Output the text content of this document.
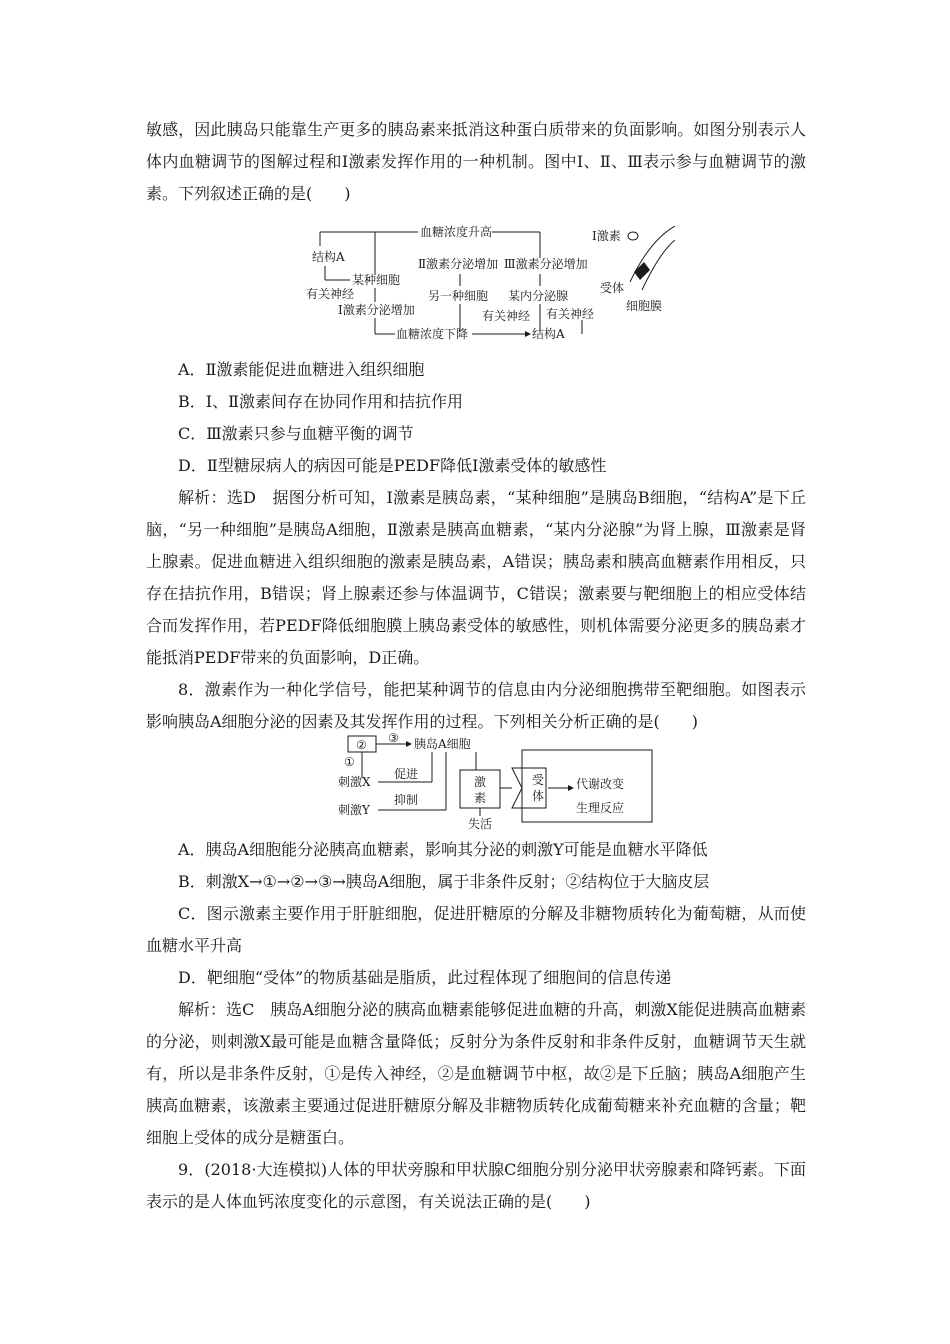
敏感，因此胰岛只能靠生产更多的胰岛素来抵消这种蛋白质带来的负面影响。如图分别表示人体内血糖调节的图解过程和Ⅰ激素发挥作用的一种机制。图中Ⅰ、Ⅱ、Ⅲ表示参与血糖调节的激素。下列叙述正确的是(　　)

血糖浓度升高
结构A
某种细胞
有关神经
Ⅰ激素分泌增加
Ⅱ激素分泌增加 Ⅲ激素分泌增加
另一种细胞 某内分泌腺
有关神经 有关神经
血糖浓度下降	结构A
Ⅰ激素
受体
细胞膜

A．Ⅱ激素能促进血糖进入组织细胞

B．Ⅰ、Ⅱ激素间存在协同作用和拮抗作用

C．Ⅲ激素只参与血糖平衡的调节

D．Ⅱ型糖尿病人的病因可能是PEDF降低Ⅰ激素受体的敏感性

解析：选D　据图分析可知，Ⅰ激素是胰岛素，“某种细胞”是胰岛B细胞，“结构A”是下丘脑，“另一种细胞”是胰岛A细胞，Ⅱ激素是胰高血糖素，“某内分泌腺”为肾上腺，Ⅲ激素是肾上腺素。促进血糖进入组织细胞的激素是胰岛素，A错误；胰岛素和胰高血糖素作用相反，只存在拮抗作用，B错误；肾上腺素还参与体温调节，C错误；激素要与靶细胞上的相应受体结合而发挥作用，若PEDF降低细胞膜上胰岛素受体的敏感性，则机体需要分泌更多的胰岛素才能抵消PEDF带来的负面影响，D正确。

8．激素作为一种化学信号，能把某种调节的信息由内分泌细胞携带至靶细胞。如图表示影响胰岛A细胞分泌的因素及其发挥作用的过程。下列相关分析正确的是(　　)

② ③ 胰岛A细胞
①
刺激X
促进
刺激Y
抑制
激
素
失活
受
体
代谢改变
生理反应

A．胰岛A细胞能分泌胰高血糖素，影响其分泌的刺激Y可能是血糖水平降低

B．刺激X→①→②→③→胰岛A细胞，属于非条件反射；②结构位于大脑皮层

C．图示激素主要作用于肝脏细胞，促进肝糖原的分解及非糖物质转化为葡萄糖，从而使血糖水平升高

D．靶细胞“受体”的物质基础是脂质，此过程体现了细胞间的信息传递

解析：选C　胰岛A细胞分泌的胰高血糖素能够促进血糖的升高，刺激X能促进胰高血糖素的分泌，则刺激X最可能是血糖含量降低；反射分为条件反射和非条件反射，血糖调节天生就有，所以是非条件反射，①是传入神经，②是血糖调节中枢，故②是下丘脑；胰岛A细胞产生胰高血糖素，该激素主要通过促进肝糖原分解及非糖物质转化成葡萄糖来补充血糖的含量；靶细胞上受体的成分是糖蛋白。

9．(2018·大连模拟)人体的甲状旁腺和甲状腺C细胞分别分泌甲状旁腺素和降钙素。下面表示的是人体血钙浓度变化的示意图，有关说法正确的是(　　)
